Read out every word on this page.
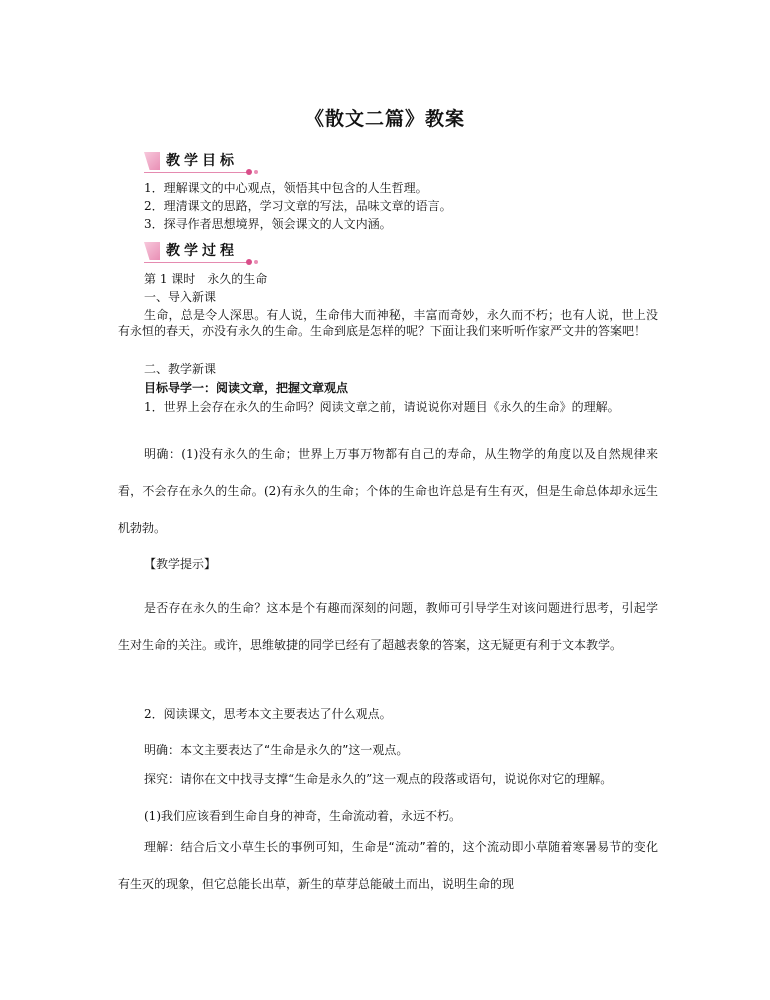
《散文二篇》教案
教学目标
1．理解课文的中心观点，领悟其中包含的人生哲理。
2．理清课文的思路，学习文章的写法，品味文章的语言。
3．探寻作者思想境界，领会课文的人文内涵。
教学过程
第 1 课时　永久的生命
一、导入新课
生命，总是令人深思。有人说，生命伟大而神秘，丰富而奇妙，永久而不朽；也有人说，世上没有永恒的春天，亦没有永久的生命。生命到底是怎样的呢？下面让我们来听听作家严文井的答案吧！
二、教学新课
目标导学一：阅读文章，把握文章观点
1．世界上会存在永久的生命吗？阅读文章之前，请说说你对题目《永久的生命》的理解。
明确：(1)没有永久的生命；世界上万事万物都有自己的寿命，从生物学的角度以及自然规律来看，不会存在永久的生命。(2)有永久的生命；个体的生命也许总是有生有灭，但是生命总体却永远生机勃勃。
【教学提示】
是否存在永久的生命？这本是个有趣而深刻的问题，教师可引导学生对该问题进行思考，引起学生对生命的关注。或许，思维敏捷的同学已经有了超越表象的答案，这无疑更有利于文本教学。
2．阅读课文，思考本文主要表达了什么观点。
明确：本文主要表达了“生命是永久的”这一观点。
探究：请你在文中找寻支撑“生命是永久的”这一观点的段落或语句，说说你对它的理解。
(1)我们应该看到生命自身的神奇，生命流动着，永远不朽。
理解：结合后文小草生长的事例可知，生命是“流动”着的，这个流动即小草随着寒暑易节的变化有生灭的现象，但它总能长出草，新生的草芽总能破土而出，说明生命的现
